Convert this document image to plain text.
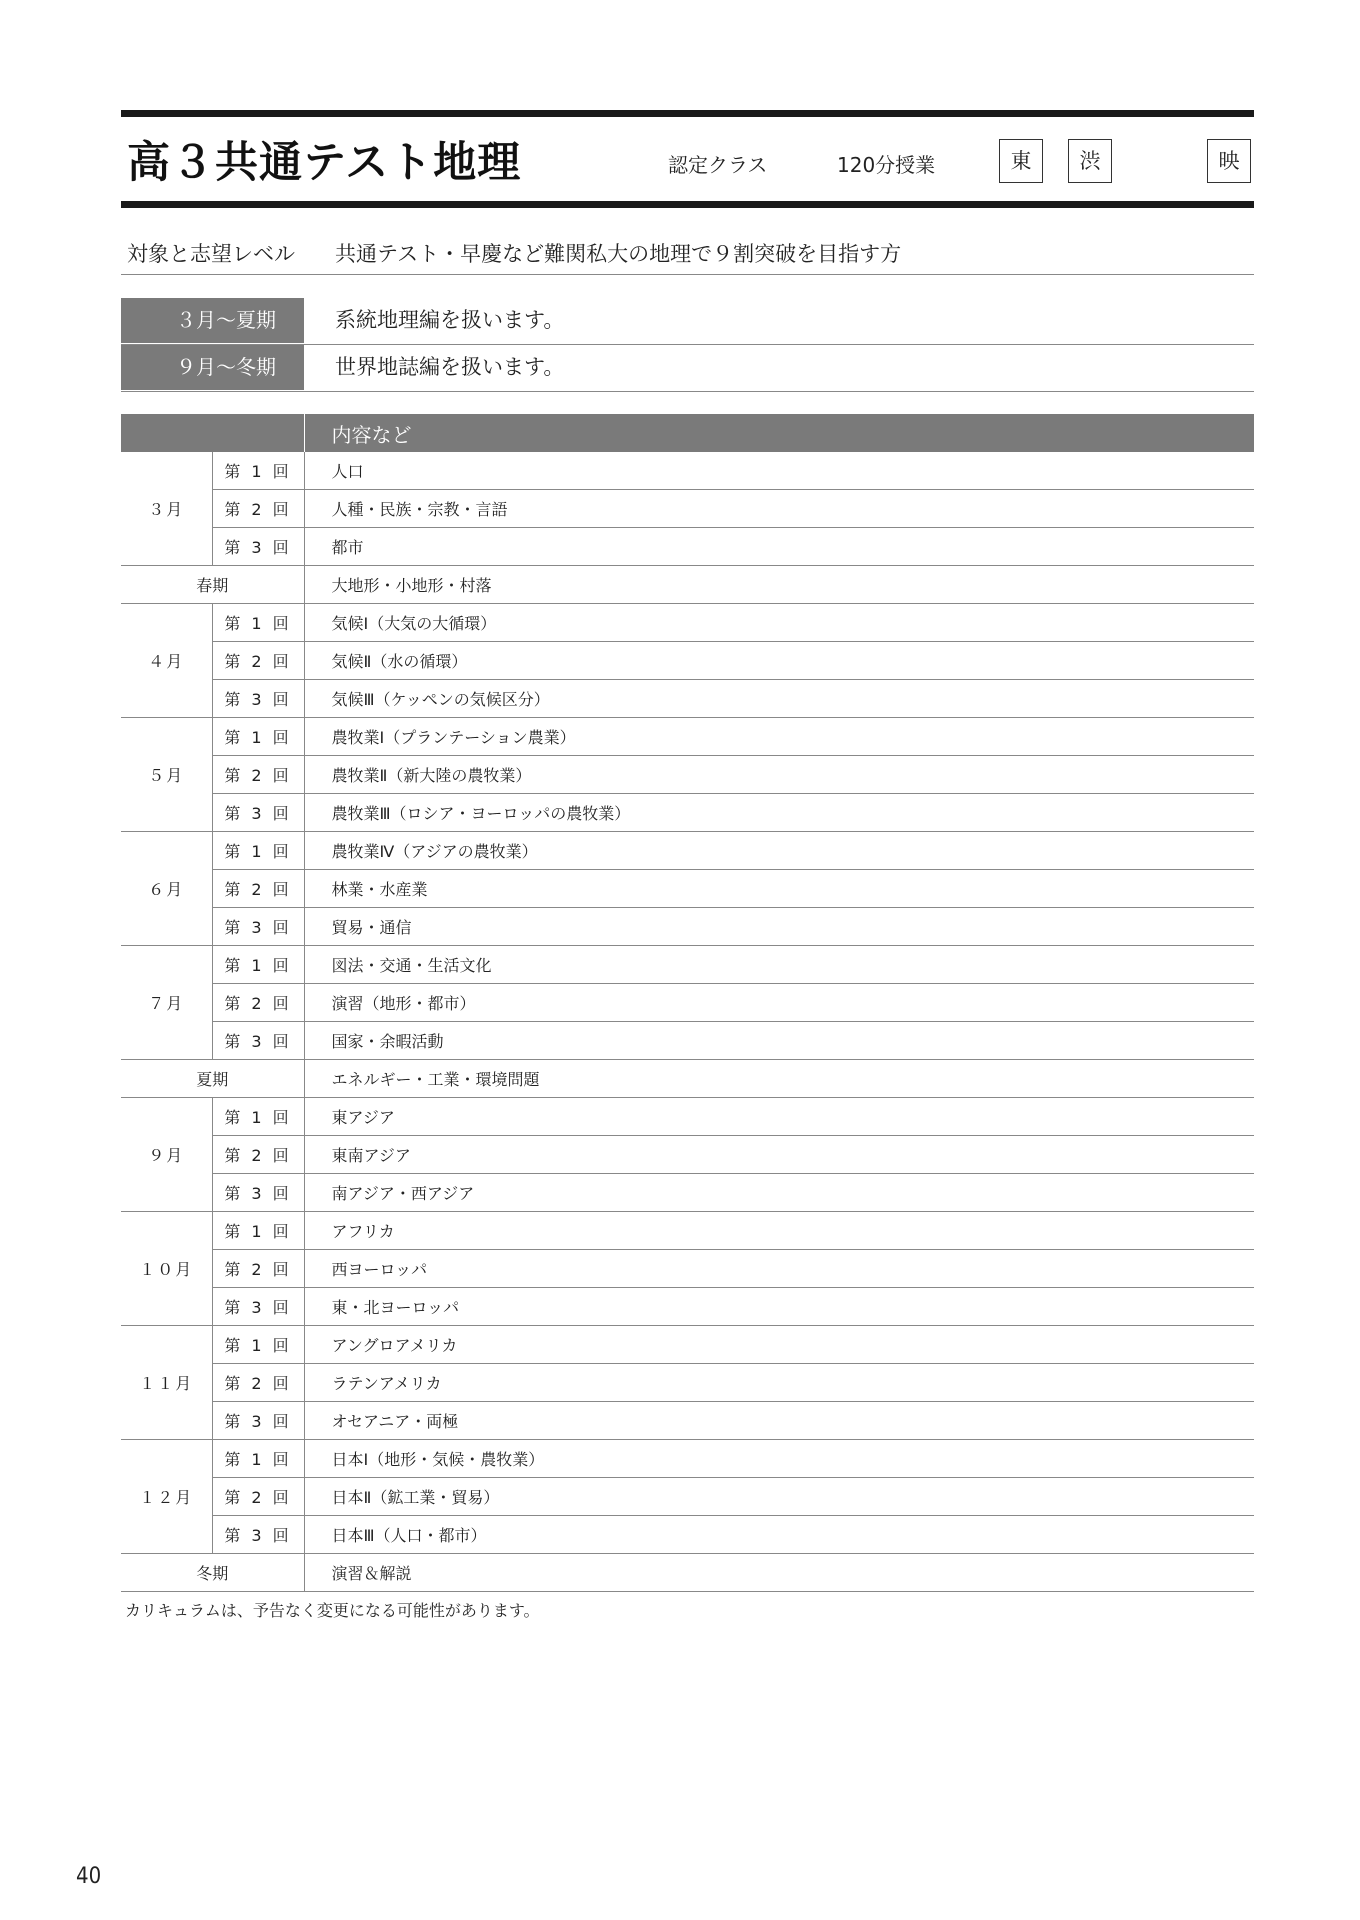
高３共通テスト地理	認定クラス	120分授業	東	渋	映
対象と志望レベル 共通テスト・早慶など難関私大の地理で９割突破を目指す方
３月～夏期	系統地理編を扱います。
９月～冬期	世界地誌編を扱います。
		内容など
３月	第 1 回	人口
	第 2 回	人種・民族・宗教・言語
	第 3 回	都市
春期		大地形・小地形・村落
４月	第 1 回	気候Ⅰ（大気の大循環）
	第 2 回	気候Ⅱ（水の循環）
	第 3 回	気候Ⅲ（ケッペンの気候区分）
５月	第 1 回	農牧業Ⅰ（プランテーション農業）
	第 2 回	農牧業Ⅱ（新大陸の農牧業）
	第 3 回	農牧業Ⅲ（ロシア・ヨーロッパの農牧業）
６月	第 1 回	農牧業Ⅳ（アジアの農牧業）
	第 2 回	林業・水産業
	第 3 回	貿易・通信
７月	第 1 回	図法・交通・生活文化
	第 2 回	演習（地形・都市）
	第 3 回	国家・余暇活動
夏期		エネルギー・工業・環境問題
９月	第 1 回	東アジア
	第 2 回	東南アジア
	第 3 回	南アジア・西アジア
１０月	第 1 回	アフリカ
	第 2 回	西ヨーロッパ
	第 3 回	東・北ヨーロッパ
１１月	第 1 回	アングロアメリカ
	第 2 回	ラテンアメリカ
	第 3 回	オセアニア・両極
１２月	第 1 回	日本Ⅰ（地形・気候・農牧業）
	第 2 回	日本Ⅱ（鉱工業・貿易）
	第 3 回	日本Ⅲ（人口・都市）
冬期		演習＆解説
カリキュラムは、予告なく変更になる可能性があります。
40
